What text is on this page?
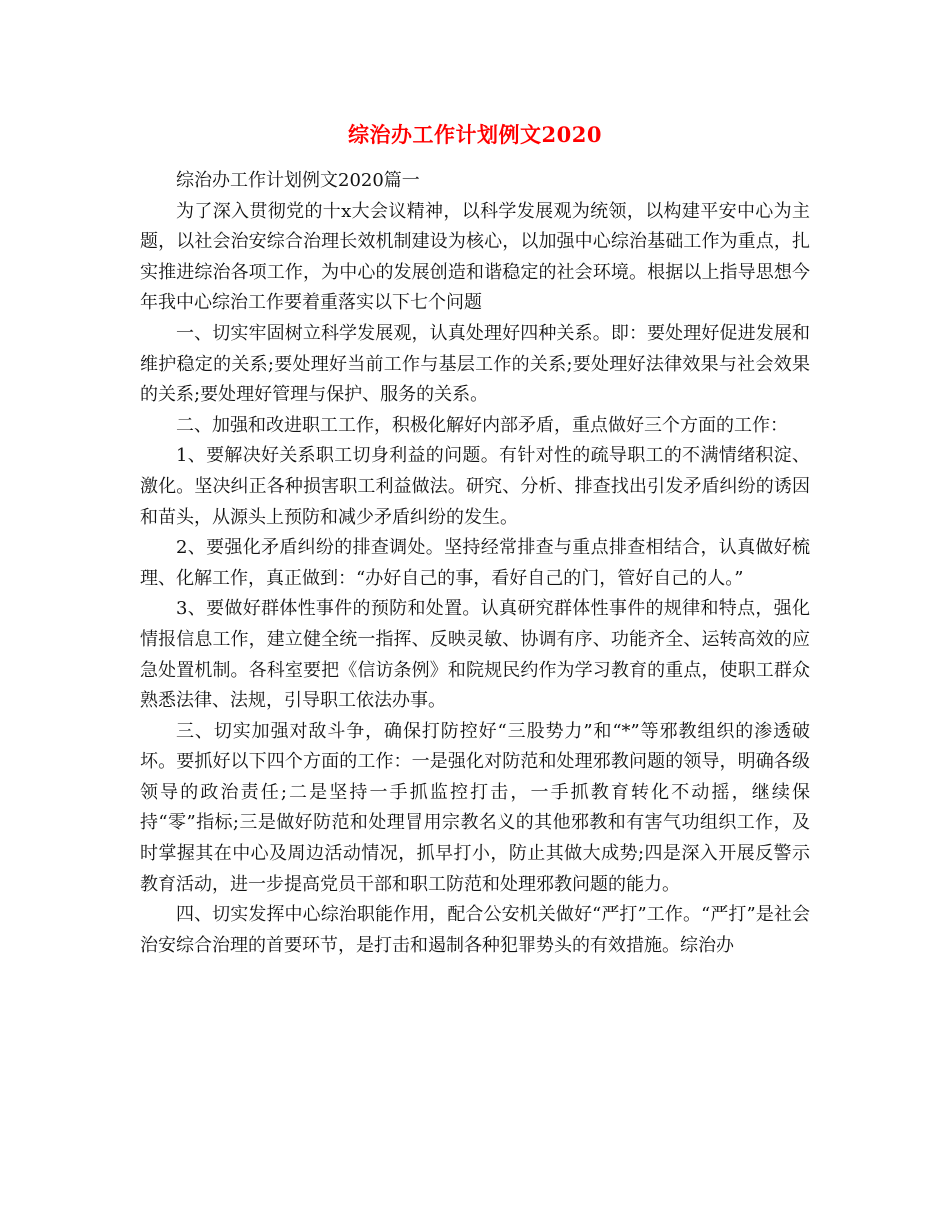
综治办工作计划例文2020

综治办工作计划例文2020篇一

为了深入贯彻党的十x大会议精神，以科学发展观为统领，以构建平安中心为主题，以社会治安综合治理长效机制建设为核心，以加强中心综治基础工作为重点，扎实推进综治各项工作，为中心的发展创造和谐稳定的社会环境。根据以上指导思想今年我中心综治工作要着重落实以下七个问题

一、切实牢固树立科学发展观，认真处理好四种关系。即：要处理好促进发展和维护稳定的关系;要处理好当前工作与基层工作的关系;要处理好法律效果与社会效果的关系;要处理好管理与保护、服务的关系。

二、加强和改进职工工作，积极化解好内部矛盾，重点做好三个方面的工作：

1、要解决好关系职工切身利益的问题。有针对性的疏导职工的不满情绪积淀、激化。坚决纠正各种损害职工利益做法。研究、分析、排查找出引发矛盾纠纷的诱因和苗头，从源头上预防和减少矛盾纠纷的发生。

2、要强化矛盾纠纷的排查调处。坚持经常排查与重点排查相结合，认真做好梳理、化解工作，真正做到：“办好自己的事，看好自己的门，管好自己的人。”

3、要做好群体性事件的预防和处置。认真研究群体性事件的规律和特点，强化情报信息工作，建立健全统一指挥、反映灵敏、协调有序、功能齐全、运转高效的应急处置机制。各科室要把《信访条例》和院规民约作为学习教育的重点，使职工群众熟悉法律、法规，引导职工依法办事。

三、切实加强对敌斗争，确保打防控好“三股势力”和“*”等邪教组织的渗透破坏。要抓好以下四个方面的工作：一是强化对防范和处理邪教问题的领导，明确各级领导的政治责任;二是坚持一手抓监控打击，一手抓教育转化不动摇，继续保持“零”指标;三是做好防范和处理冒用宗教名义的其他邪教和有害气功组织工作，及时掌握其在中心及周边活动情况，抓早打小，防止其做大成势;四是深入开展反警示教育活动，进一步提高党员干部和职工防范和处理邪教问题的能力。

四、切实发挥中心综治职能作用，配合公安机关做好“严打”工作。“严打”是社会治安综合治理的首要环节，是打击和遏制各种犯罪势头的有效措施。综治办
